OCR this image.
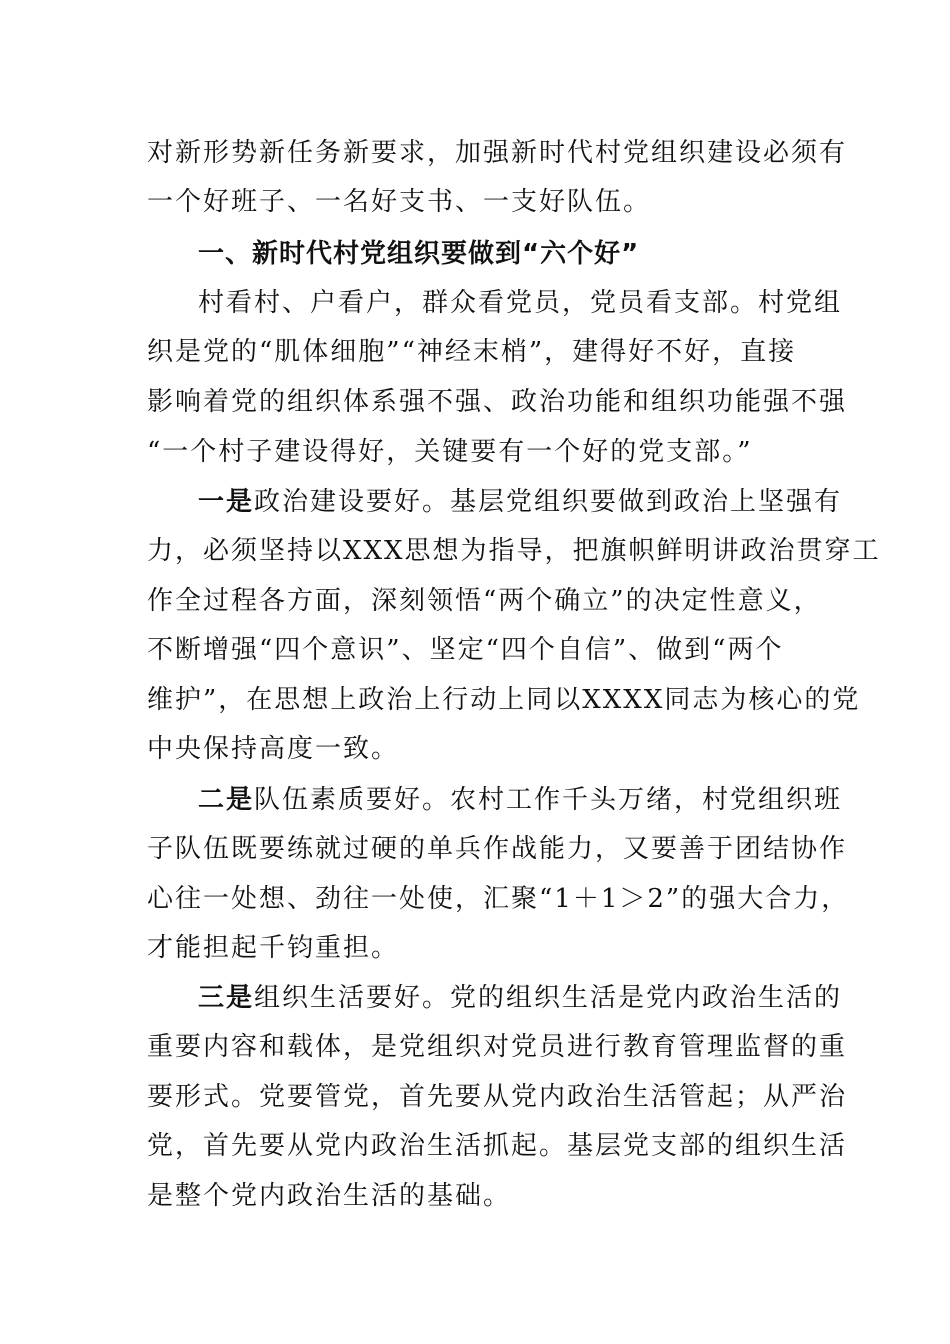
对新形势新任务新要求，加强新时代村党组织建设必须有
一个好班子、一名好支书、一支好队伍。
一、新时代村党组织要做到“六个好”
村看村、户看户，群众看党员，党员看支部。村党组
织是党的“肌体细胞”“神经末梢”，建得好不好，直接
影响着党的组织体系强不强、政治功能和组织功能强不强
“一个村子建设得好，关键要有一个好的党支部。”
一是政治建设要好。基层党组织要做到政治上坚强有
力，必须坚持以XXX思想为指导，把旗帜鲜明讲政治贯穿工
作全过程各方面，深刻领悟“两个确立”的决定性意义，
不断增强“四个意识”、坚定“四个自信”、做到“两个
维护”，在思想上政治上行动上同以XXXX同志为核心的党
中央保持高度一致。
二是队伍素质要好。农村工作千头万绪，村党组织班
子队伍既要练就过硬的单兵作战能力，又要善于团结协作
心往一处想、劲往一处使，汇聚“1＋1＞2”的强大合力，
才能担起千钧重担。
三是组织生活要好。党的组织生活是党内政治生活的
重要内容和载体，是党组织对党员进行教育管理监督的重
要形式。党要管党，首先要从党内政治生活管起；从严治
党，首先要从党内政治生活抓起。基层党支部的组织生活
是整个党内政治生活的基础。
